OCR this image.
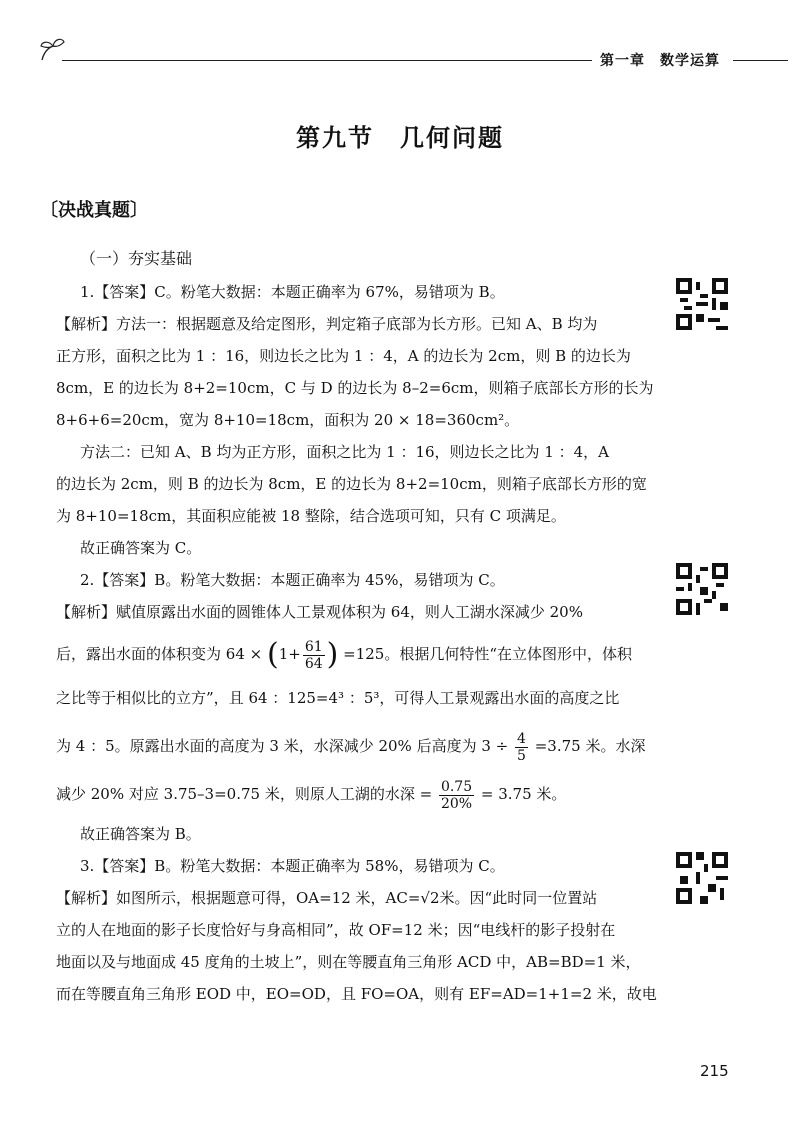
第一章　数学运算
第九节　几何问题
〔决战真题〕
（一）夯实基础
1.【答案】C。粉笔大数据：本题正确率为 67%，易错项为 B。
【解析】方法一：根据题意及给定图形，判定箱子底部为长方形。已知 A、B 均为
正方形，面积之比为 1 ：16，则边长之比为 1 ：4，A 的边长为 2cm，则 B 的边长为
8cm，E 的边长为 8+2=10cm，C 与 D 的边长为 8–2=6cm，则箱子底部长方形的长为
8+6+6=20cm，宽为 8+10=18cm，面积为 20 × 18=360cm²。
方法二：已知 A、B 均为正方形，面积之比为 1 ：16，则边长之比为 1 ：4，A
的边长为 2cm，则 B 的边长为 8cm，E 的边长为 8+2=10cm，则箱子底部长方形的宽
为 8+10=18cm，其面积应能被 18 整除，结合选项可知，只有 C 项满足。
故正确答案为 C。
2.【答案】B。粉笔大数据：本题正确率为 45%，易错项为 C。
【解析】赋值原露出水面的圆锥体人工景观体积为 64，则人工湖水深减少 20%
后，露出水面的体积变为 $64 \times (1+ \frac{61}{64}$ ) =125。根据几何特性“在立体图形中，体积
之比等于相似比的立方”，且 64 ：125=4³ ：5³，可得人工景观露出水面的高度之比
为 4 ：5。原露出水面的高度为 3 米，水深减少 20% 后高度为 $3 \div \frac{4}{5} =3.75$ 米。水深
减少 20% 对应 3.75–3=0.75 米，则原人工湖的水深 = $\frac{0.75}{20\%} = 3.75$ 米。
故正确答案为 B。
3.【答案】B。粉笔大数据：本题正确率为 58%，易错项为 C。
【解析】如图所示，根据题意可得，OA=12 米，AC=√2米。因“此时同一位置站
立的人在地面的影子长度恰好与身高相同”，故 OF=12 米；因“电线杆的影子投射在
地面以及与地面成 45 度角的土坡上”，则在等腰直角三角形 ACD 中，AB=BD=1 米，
而在等腰直角三角形 EOD 中，EO=OD，且 FO=OA，则有 EF=AD=1+1=2 米，故电
215
